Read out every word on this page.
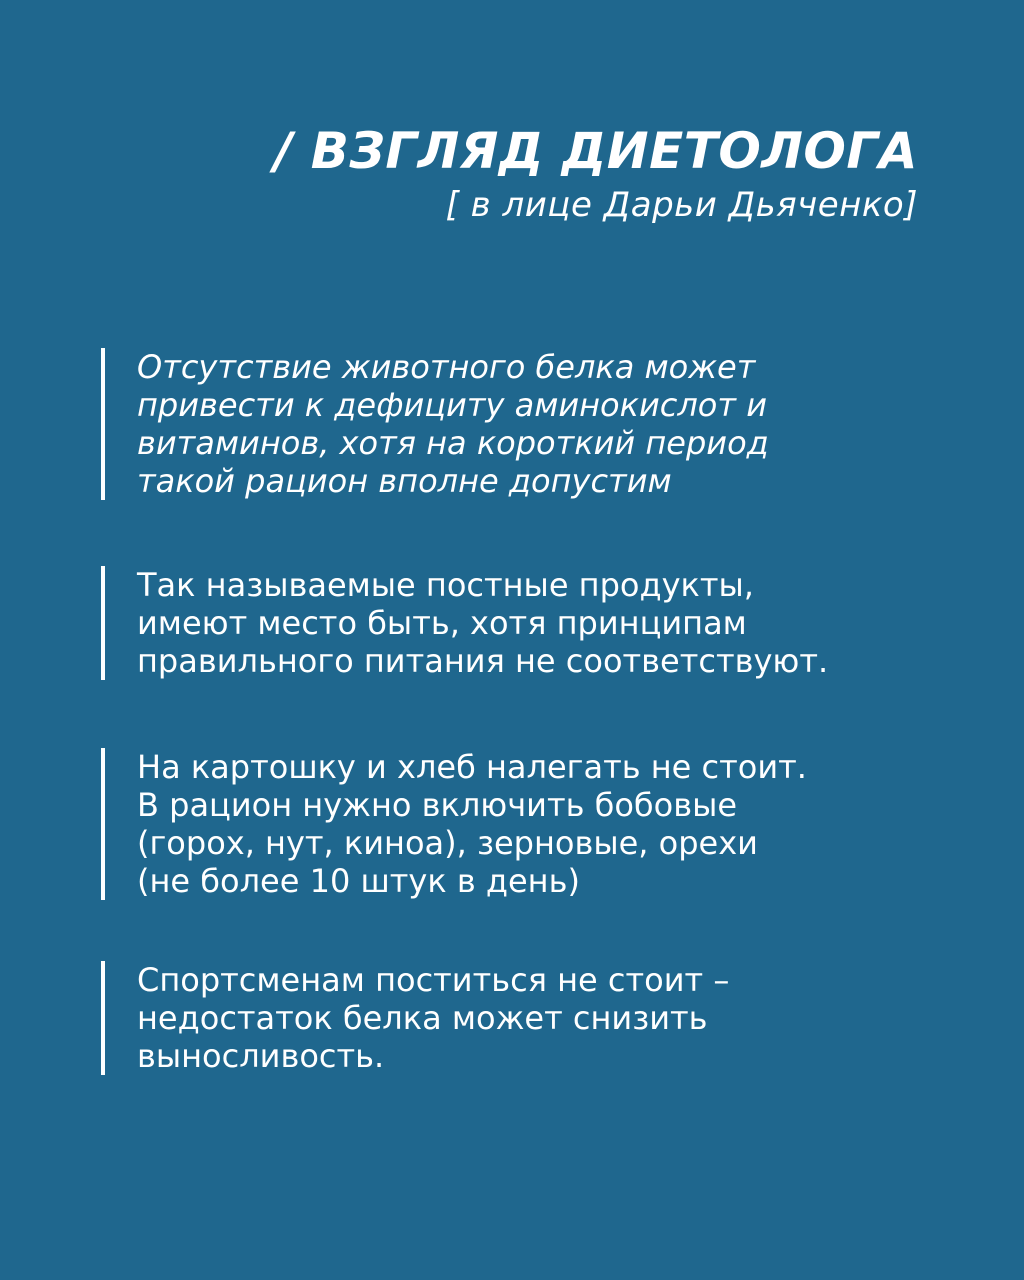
/ ВЗГЛЯД ДИЕТОЛОГА
[ в лице Дарьи Дьяченко]
Отсутствие животного белка может
привести к дефициту аминокислот и
витаминов, хотя на короткий период
такой рацион вполне допустим
Так называемые постные продукты,
имеют место быть, хотя принципам
правильного питания не соответствуют.
На картошку и хлеб налегать не стоит.
В рацион нужно включить бобовые
(горох, нут, киноа), зерновые, орехи
(не более 10 штук в день)
Спортсменам поститься не стоит –
недостаток белка может снизить
выносливость.
